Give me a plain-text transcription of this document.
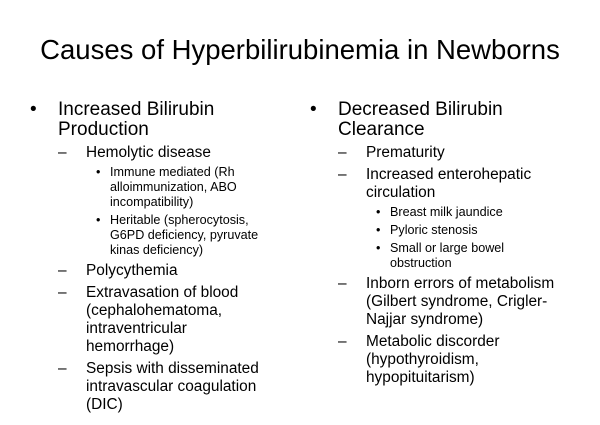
Causes of Hyperbilirubinemia in Newborns
• Increased Bilirubin
Production
– Hemolytic disease
• Immune mediated (Rh
alloimmunization, ABO
incompatibility)
• Heritable (spherocytosis,
G6PD deficiency, pyruvate
kinas deficiency)
– Polycythemia
– Extravasation of blood
(cephalohematoma,
intraventricular
hemorrhage)
– Sepsis with disseminated
intravascular coagulation
(DIC)
• Decreased Bilirubin
Clearance
– Prematurity
– Increased enterohepatic
circulation
• Breast milk jaundice
• Pyloric stenosis
• Small or large bowel
obstruction
– Inborn errors of metabolism
(Gilbert syndrome, Crigler-
Najjar syndrome)
– Metabolic discorder
(hypothyroidism,
hypopituitarism)
